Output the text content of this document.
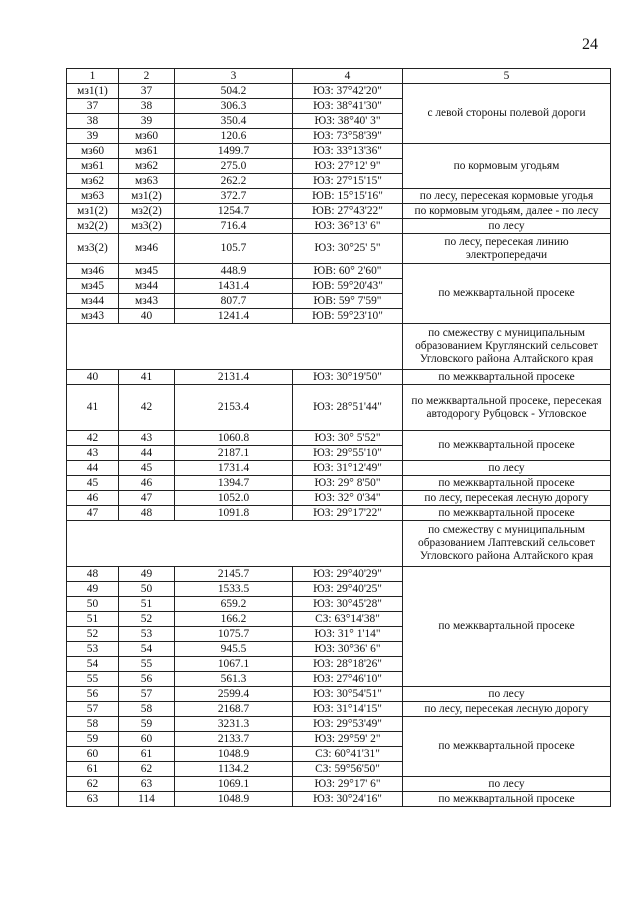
24
1	2	3	4	5
мз1(1)	37	504.2	ЮЗ: 37°42'20"	с левой стороны полевой дороги
37	38	306.3	ЮЗ: 38°41'30"	
38	39	350.4	ЮЗ: 38°40' 3"	
39	мз60	120.6	ЮЗ: 73°58'39"	
мз60	мз61	1499.7	ЮЗ: 33°13'36"	по кормовым угодьям
мз61	мз62	275.0	ЮЗ: 27°12' 9"	
мз62	мз63	262.2	ЮЗ: 27°15'15"	
мз63	мз1(2)	372.7	ЮВ: 15°15'16"	по лесу, пересекая кормовые угодья
мз1(2)	мз2(2)	1254.7	ЮВ: 27°43'22"	по кормовым угодьям, далее - по лесу
мз2(2)	мз3(2)	716.4	ЮЗ: 36°13' 6"	по лесу
мз3(2)	мз46	105.7	ЮЗ: 30°25' 5"	по лесу, пересекая линию электропередачи
мз46	мз45	448.9	ЮВ: 60° 2'60"	по межквартальной просеке
мз45	мз44	1431.4	ЮВ: 59°20'43"	
мз44	мз43	807.7	ЮВ: 59° 7'59"	
мз43	40	1241.4	ЮВ: 59°23'10"	
				по смежеству с муниципальным образованием Круглянский сельсовет Угловского района Алтайского края
40	41	2131.4	ЮЗ: 30°19'50"	по межквартальной просеке
41	42	2153.4	ЮЗ: 28°51'44"	по межквартальной просеке, пересекая автодорогу Рубцовск - Угловское
42	43	1060.8	ЮЗ: 30° 5'52"	по межквартальной просеке
43	44	2187.1	ЮЗ: 29°55'10"	
44	45	1731.4	ЮЗ: 31°12'49"	по лесу
45	46	1394.7	ЮЗ: 29° 8'50"	по межквартальной просеке
46	47	1052.0	ЮЗ: 32° 0'34"	по лесу, пересекая лесную дорогу
47	48	1091.8	ЮЗ: 29°17'22"	по межквартальной просеке
				по смежеству с муниципальным образованием Лаптевский сельсовет Угловского района Алтайского края
48	49	2145.7	ЮЗ: 29°40'29"	по межквартальной просеке
49	50	1533.5	ЮЗ: 29°40'25"	
50	51	659.2	ЮЗ: 30°45'28"	
51	52	166.2	СЗ: 63°14'38"	
52	53	1075.7	ЮЗ: 31° 1'14"	
53	54	945.5	ЮЗ: 30°36' 6"	
54	55	1067.1	ЮЗ: 28°18'26"	
55	56	561.3	ЮЗ: 27°46'10"	
56	57	2599.4	ЮЗ: 30°54'51"	по лесу
57	58	2168.7	ЮЗ: 31°14'15"	по лесу, пересекая лесную дорогу
58	59	3231.3	ЮЗ: 29°53'49"	по межквартальной просеке
59	60	2133.7	ЮЗ: 29°59' 2"	
60	61	1048.9	СЗ: 60°41'31"	
61	62	1134.2	СЗ: 59°56'50"	
62	63	1069.1	ЮЗ: 29°17' 6"	по лесу
63	114	1048.9	ЮЗ: 30°24'16"	по межквартальной просеке
